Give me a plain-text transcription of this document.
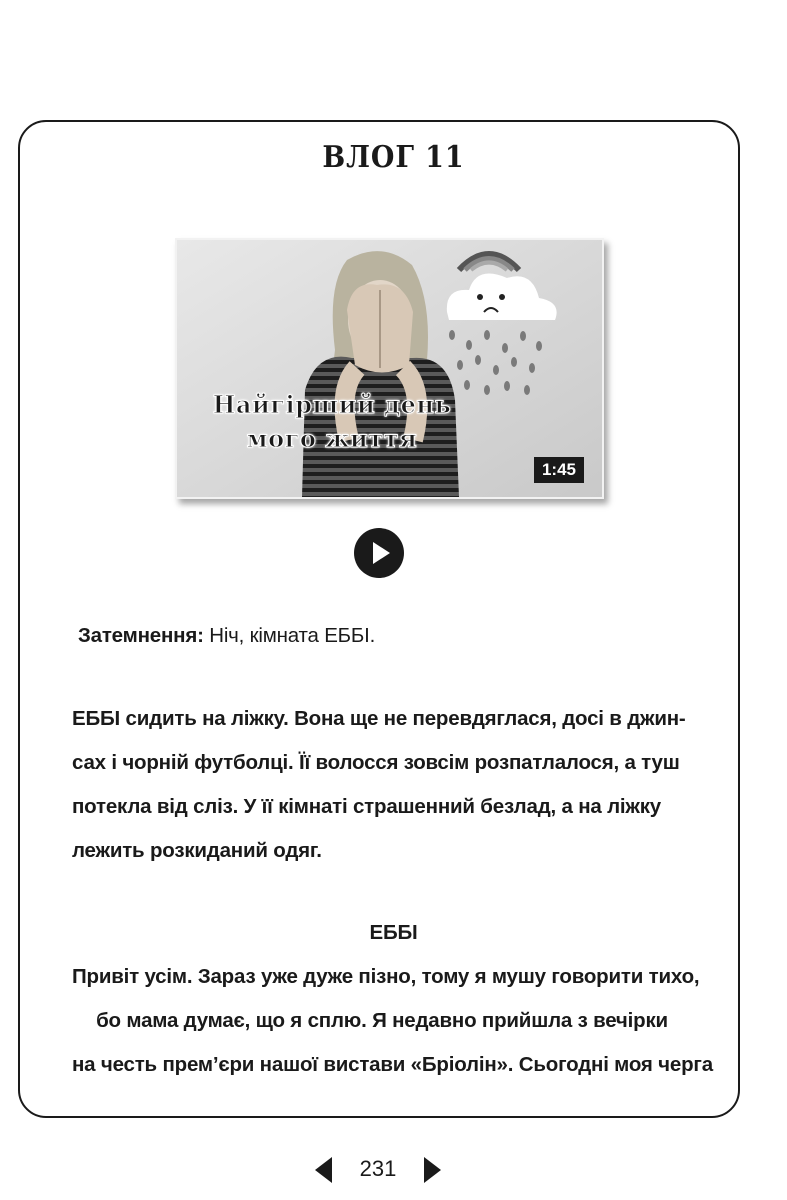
ВЛОГ 11
Найгірший день
мого життя
1:45
Затемнення: Ніч, кімната ЕББІ.
ЕББІ сидить на ліжку. Вона ще не перевдяглася, досі в джин-
сах і чорній футболці. Її волосся зовсім розпатлалося, а туш
потекла від сліз. У її кімнаті страшенний безлад, а на ліжку
лежить розкиданий одяг.
ЕББІ
Привіт усім. Зараз уже дуже пізно, тому я мушу говорити тихо,
бо мама думає, що я сплю. Я недавно прийшла з вечірки
на честь прем’єри нашої вистави «Бріолін». Сьогодні моя черга
231
